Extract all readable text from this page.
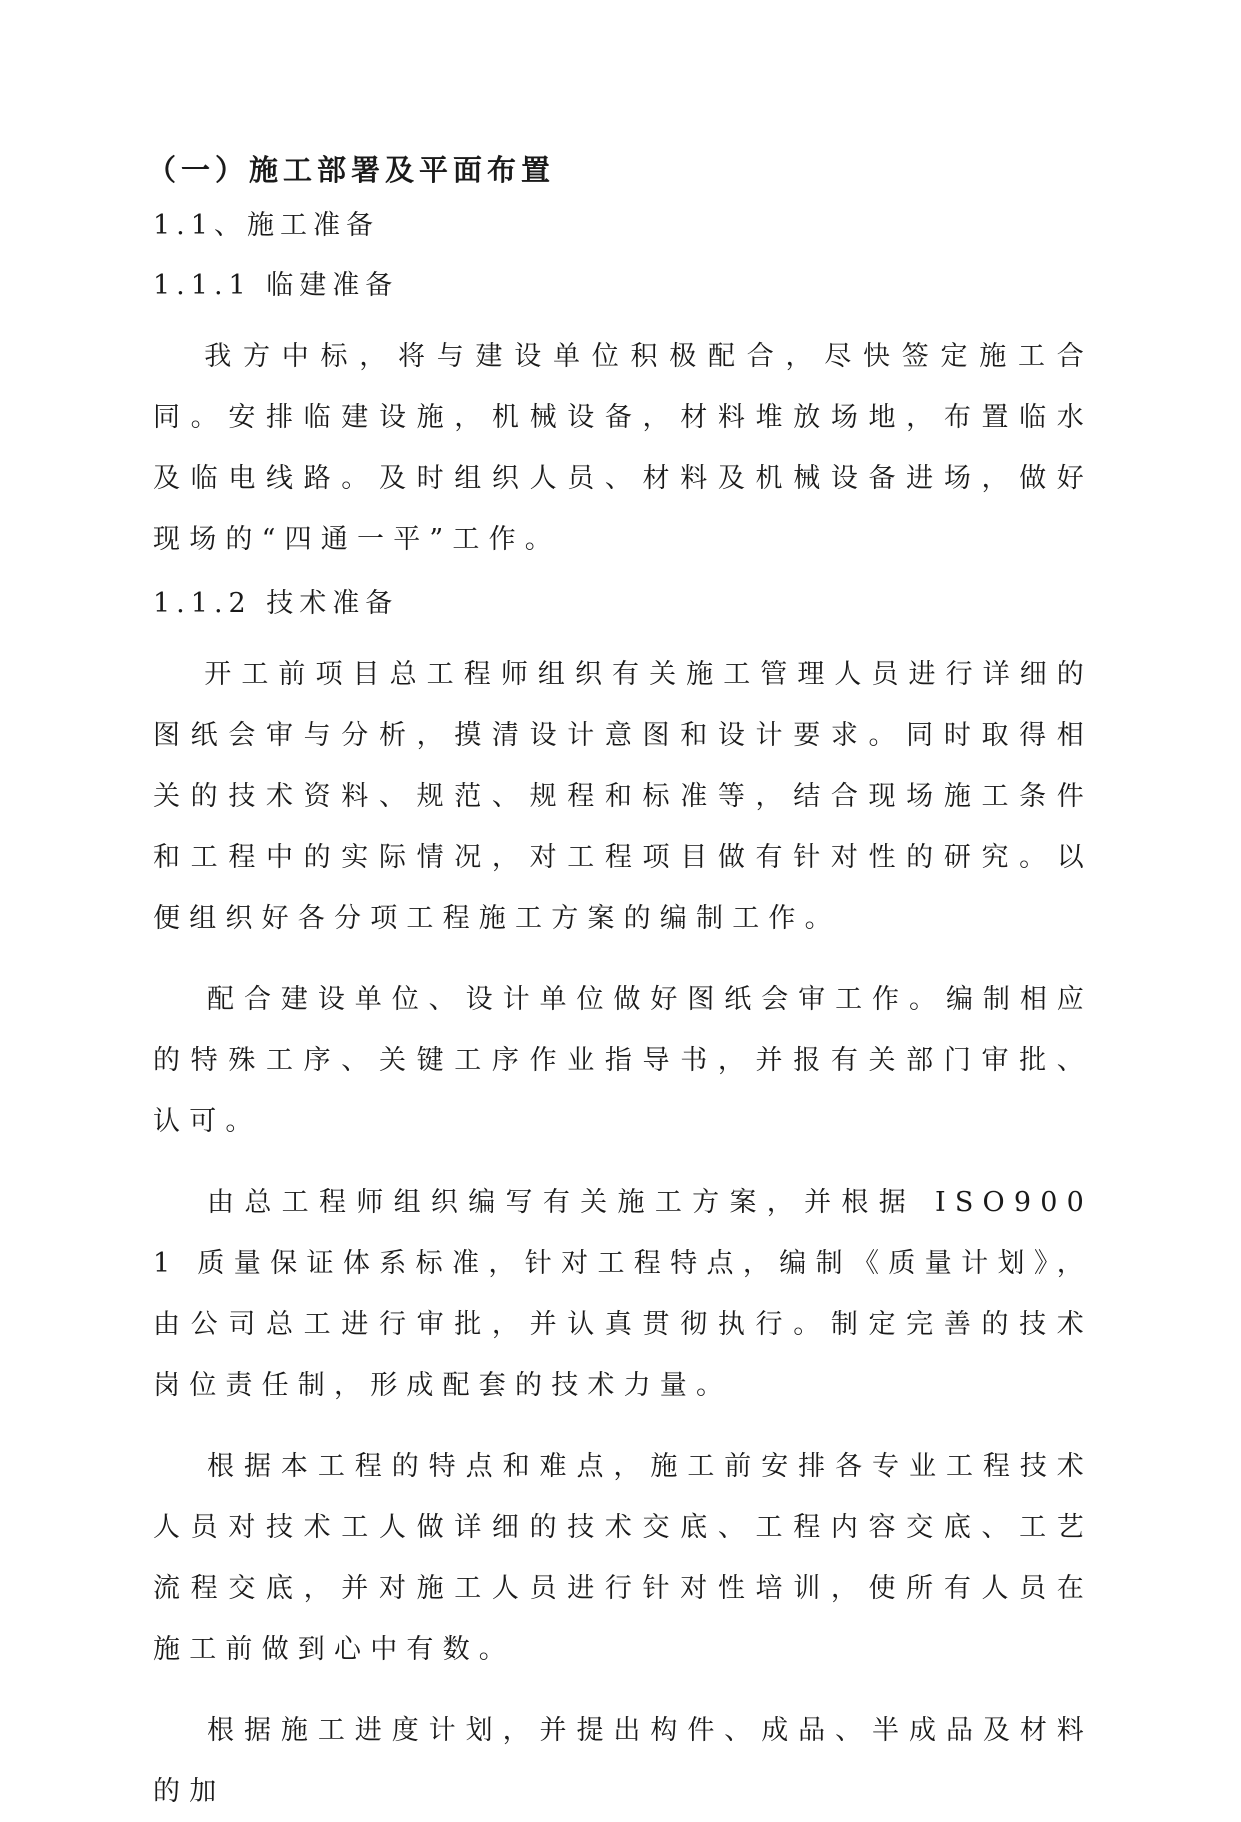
（一）施工部署及平面布置
1.1、施工准备
1.1.1 临建准备

我方中标，将与建设单位积极配合，尽快签定施工合同。安排临建设施，机械设备，材料堆放场地，布置临水及临电线路。及时组织人员、材料及机械设备进场，做好现场的“四通一平”工作。

1.1.2 技术准备

开工前项目总工程师组织有关施工管理人员进行详细的图纸会审与分析，摸清设计意图和设计要求。同时取得相关的技术资料、规范、规程和标准等，结合现场施工条件和工程中的实际情况，对工程项目做有针对性的研究。以便组织好各分项工程施工方案的编制工作。

配合建设单位、设计单位做好图纸会审工作。编制相应的特殊工序、关键工序作业指导书，并报有关部门审批、认可。

由总工程师组织编写有关施工方案，并根据 ISO9001 质量保证体系标准，针对工程特点，编制《质量计划》，由公司总工进行审批，并认真贯彻执行。制定完善的技术岗位责任制，形成配套的技术力量。

根据本工程的特点和难点，施工前安排各专业工程技术人员对技术工人做详细的技术交底、工程内容交底、工艺流程交底，并对施工人员进行针对性培训，使所有人员在施工前做到心中有数。

根据施工进度计划，并提出构件、成品、半成品及材料的加
